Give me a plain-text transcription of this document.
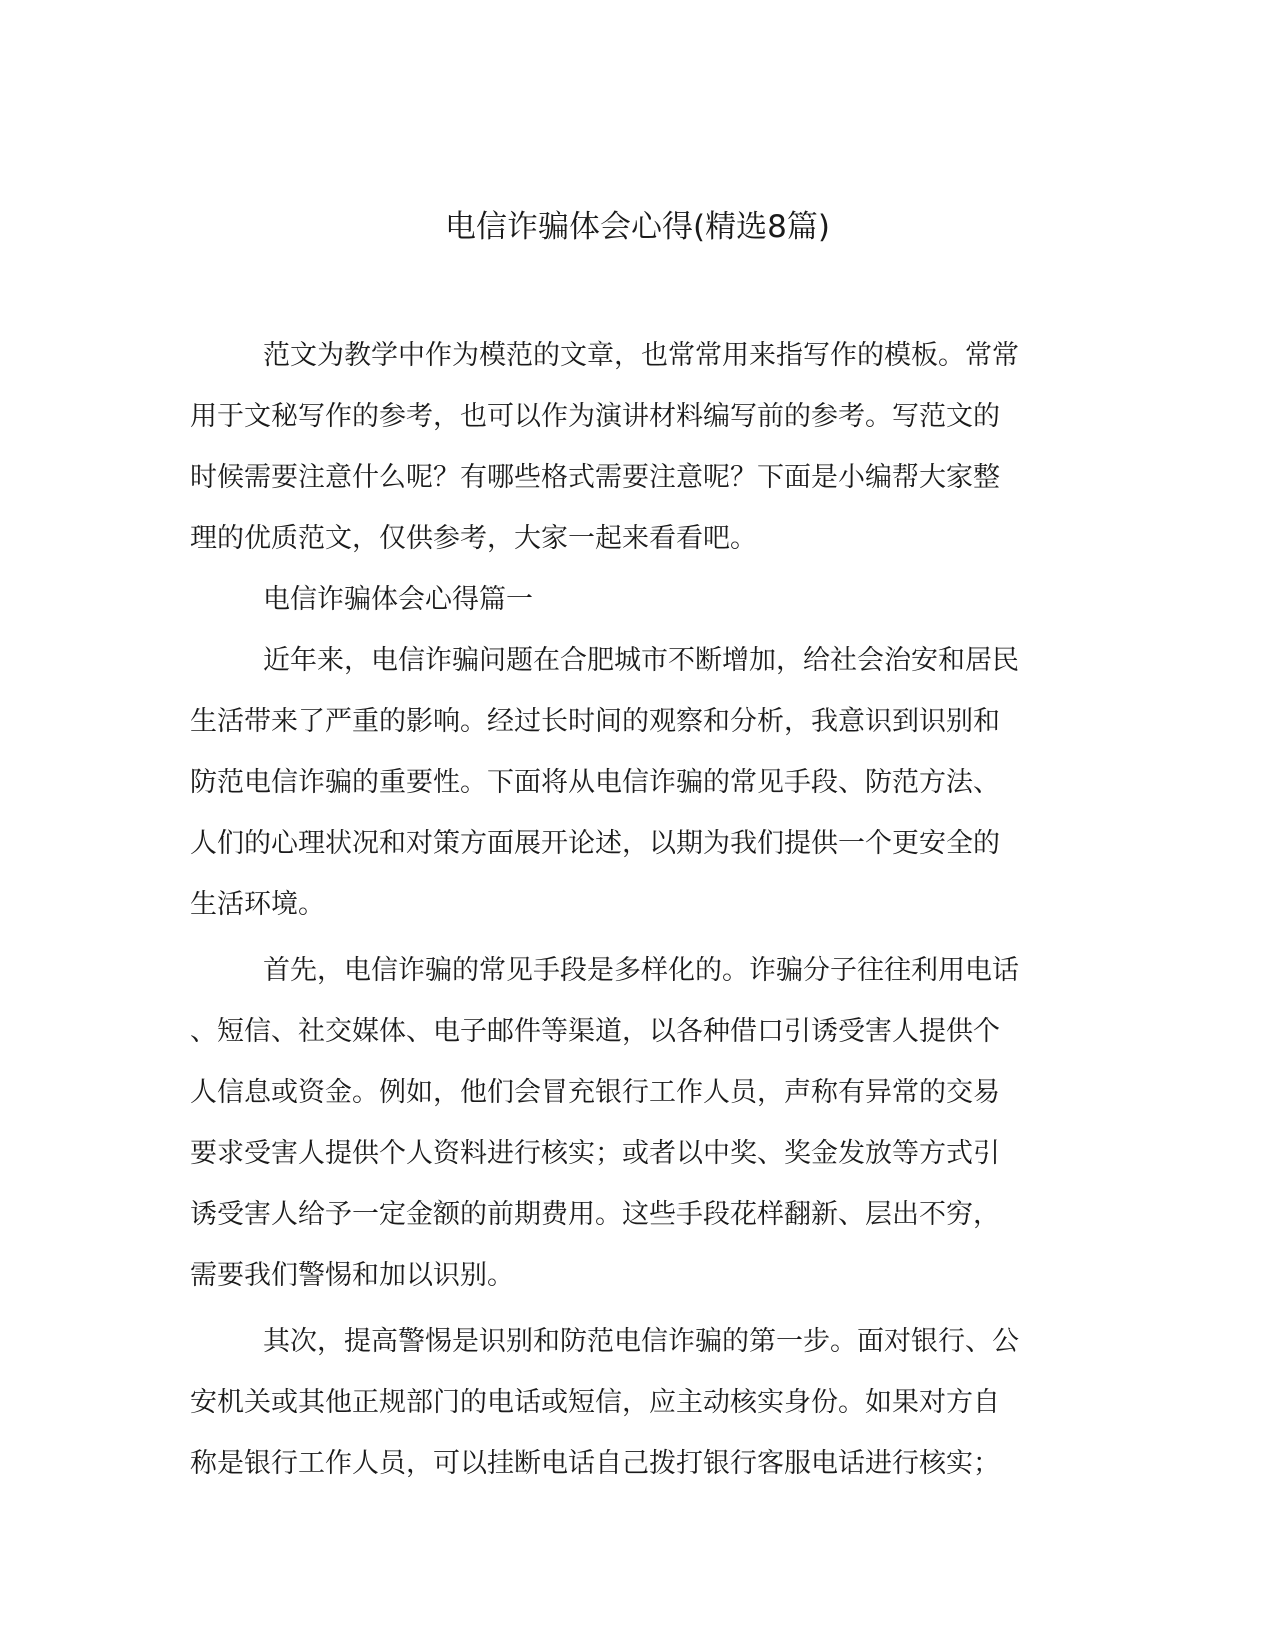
电信诈骗体会心得(精选8篇)
范文为教学中作为模范的文章，也常常用来指写作的模板。常常
用于文秘写作的参考，也可以作为演讲材料编写前的参考。写范文的
时候需要注意什么呢？有哪些格式需要注意呢？下面是小编帮大家整
理的优质范文，仅供参考，大家一起来看看吧。
电信诈骗体会心得篇一
近年来，电信诈骗问题在合肥城市不断增加，给社会治安和居民
生活带来了严重的影响。经过长时间的观察和分析，我意识到识别和
防范电信诈骗的重要性。下面将从电信诈骗的常见手段、防范方法、
人们的心理状况和对策方面展开论述，以期为我们提供一个更安全的
生活环境。
首先，电信诈骗的常见手段是多样化的。诈骗分子往往利用电话
、短信、社交媒体、电子邮件等渠道，以各种借口引诱受害人提供个
人信息或资金。例如，他们会冒充银行工作人员，声称有异常的交易
要求受害人提供个人资料进行核实；或者以中奖、奖金发放等方式引
诱受害人给予一定金额的前期费用。这些手段花样翻新、层出不穷，
需要我们警惕和加以识别。
其次，提高警惕是识别和防范电信诈骗的第一步。面对银行、公
安机关或其他正规部门的电话或短信，应主动核实身份。如果对方自
称是银行工作人员，可以挂断电话自己拨打银行客服电话进行核实；
